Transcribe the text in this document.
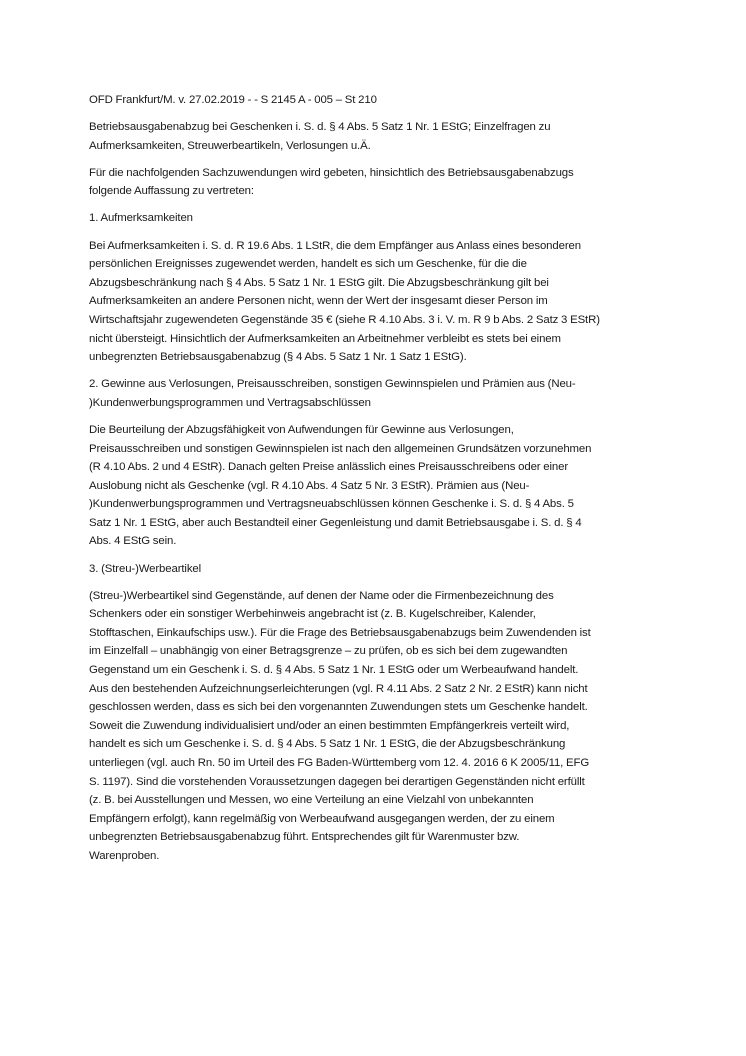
OFD Frankfurt/M. v. 27.02.2019 - - S 2145 A - 005 – St 210

Betriebsausgabenabzug bei Geschenken i. S. d. § 4 Abs. 5 Satz 1 Nr. 1 EStG; Einzelfragen zu
Aufmerksamkeiten, Streuwerbeartikeln, Verlosungen u.Ä.

Für die nachfolgenden Sachzuwendungen wird gebeten, hinsichtlich des Betriebsausgabenabzugs
folgende Auffassung zu vertreten:

1. Aufmerksamkeiten

Bei Aufmerksamkeiten i. S. d. R 19.6 Abs. 1 LStR, die dem Empfänger aus Anlass eines besonderen
persönlichen Ereignisses zugewendet werden, handelt es sich um Geschenke, für die die
Abzugsbeschränkung nach § 4 Abs. 5 Satz 1 Nr. 1 EStG gilt. Die Abzugsbeschränkung gilt bei
Aufmerksamkeiten an andere Personen nicht, wenn der Wert der insgesamt dieser Person im
Wirtschaftsjahr zugewendeten Gegenstände 35 € (siehe R 4.10 Abs. 3 i. V. m. R 9 b Abs. 2 Satz 3 EStR)
nicht übersteigt. Hinsichtlich der Aufmerksamkeiten an Arbeitnehmer verbleibt es stets bei einem
unbegrenzten Betriebsausgabenabzug (§ 4 Abs. 5 Satz 1 Nr. 1 Satz 1 EStG).

2. Gewinne aus Verlosungen, Preisausschreiben, sonstigen Gewinnspielen und Prämien aus (Neu-
)Kundenwerbungsprogrammen und Vertragsabschlüssen

Die Beurteilung der Abzugsfähigkeit von Aufwendungen für Gewinne aus Verlosungen,
Preisausschreiben und sonstigen Gewinnspielen ist nach den allgemeinen Grundsätzen vorzunehmen
(R 4.10 Abs. 2 und 4 EStR). Danach gelten Preise anlässlich eines Preisausschreibens oder einer
Auslobung nicht als Geschenke (vgl. R 4.10 Abs. 4 Satz 5 Nr. 3 EStR). Prämien aus (Neu-
)Kundenwerbungsprogrammen und Vertragsneuabschlüssen können Geschenke i. S. d. § 4 Abs. 5
Satz 1 Nr. 1 EStG, aber auch Bestandteil einer Gegenleistung und damit Betriebsausgabe i. S. d. § 4
Abs. 4 EStG sein.

3. (Streu-)Werbeartikel

(Streu-)Werbeartikel sind Gegenstände, auf denen der Name oder die Firmenbezeichnung des
Schenkers oder ein sonstiger Werbehinweis angebracht ist (z. B. Kugelschreiber, Kalender,
Stofftaschen, Einkaufschips usw.). Für die Frage des Betriebsausgabenabzugs beim Zuwendenden ist
im Einzelfall – unabhängig von einer Betragsgrenze – zu prüfen, ob es sich bei dem zugewandten
Gegenstand um ein Geschenk i. S. d. § 4 Abs. 5 Satz 1 Nr. 1 EStG oder um Werbeaufwand handelt.
Aus den bestehenden Aufzeichnungserleichterungen (vgl. R 4.11 Abs. 2 Satz 2 Nr. 2 EStR) kann nicht
geschlossen werden, dass es sich bei den vorgenannten Zuwendungen stets um Geschenke handelt.
Soweit die Zuwendung individualisiert und/oder an einen bestimmten Empfängerkreis verteilt wird,
handelt es sich um Geschenke i. S. d. § 4 Abs. 5 Satz 1 Nr. 1 EStG, die der Abzugsbeschränkung
unterliegen (vgl. auch Rn. 50 im Urteil des FG Baden-Württemberg vom 12. 4. 2016 6 K 2005/11, EFG
S. 1197). Sind die vorstehenden Voraussetzungen dagegen bei derartigen Gegenständen nicht erfüllt
(z. B. bei Ausstellungen und Messen, wo eine Verteilung an eine Vielzahl von unbekannten
Empfängern erfolgt), kann regelmäßig von Werbeaufwand ausgegangen werden, der zu einem
unbegrenzten Betriebsausgabenabzug führt. Entsprechendes gilt für Warenmuster bzw.
Warenproben.
